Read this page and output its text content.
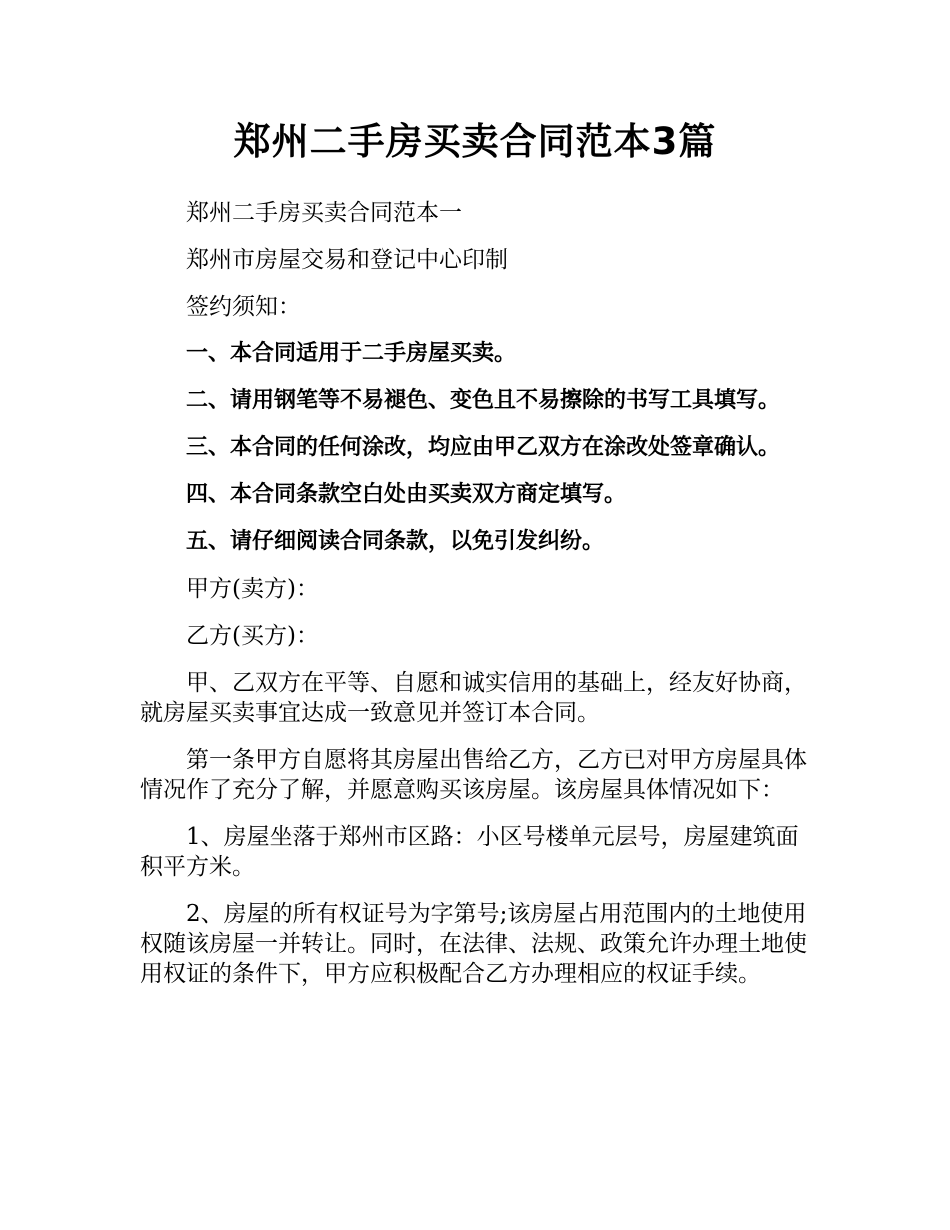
郑州二手房买卖合同范本3篇

郑州二手房买卖合同范本一

郑州市房屋交易和登记中心印制

签约须知：

一、本合同适用于二手房屋买卖。

二、请用钢笔等不易褪色、变色且不易擦除的书写工具填写。

三、本合同的任何涂改，均应由甲乙双方在涂改处签章确认。

四、本合同条款空白处由买卖双方商定填写。

五、请仔细阅读合同条款，以免引发纠纷。

甲方(卖方)：

乙方(买方)：

甲、乙双方在平等、自愿和诚实信用的基础上，经友好协商，就房屋买卖事宜达成一致意见并签订本合同。

第一条甲方自愿将其房屋出售给乙方，乙方已对甲方房屋具体情况作了充分了解，并愿意购买该房屋。该房屋具体情况如下：

1、房屋坐落于郑州市区路：小区号楼单元层号，房屋建筑面积平方米。

2、房屋的所有权证号为字第号;该房屋占用范围内的土地使用权随该房屋一并转让。同时，在法律、法规、政策允许办理土地使用权证的条件下，甲方应积极配合乙方办理相应的权证手续。
